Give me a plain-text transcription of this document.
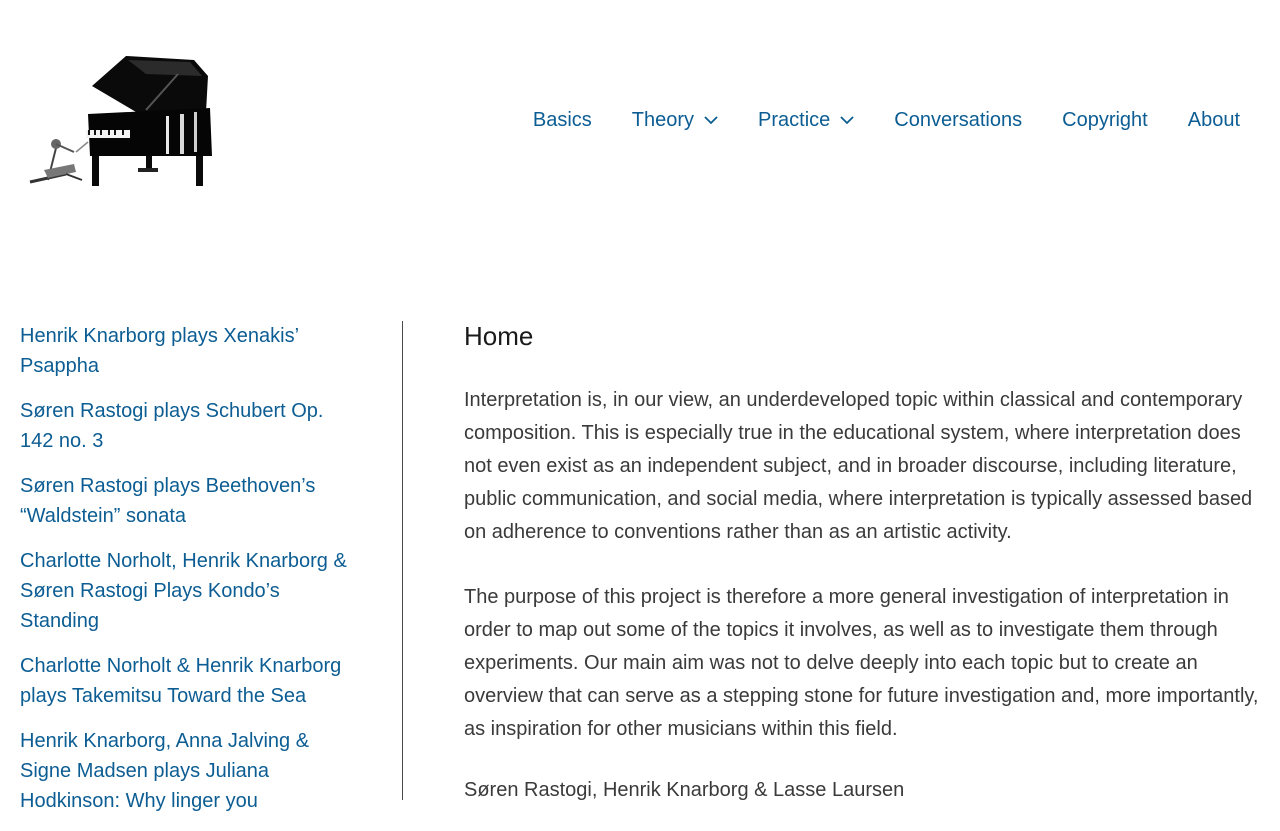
Basics Theory	Practice	Conversations Copyright About
Henrik Knarborg plays Xenakis’ Psappha
Søren Rastogi plays Schubert Op. 142 no. 3
Søren Rastogi plays Beethoven’s “Waldstein” sonata
Charlotte Norholt, Henrik Knarborg & Søren Rastogi Plays Kondo’s Standing
Charlotte Norholt & Henrik Knarborg plays Takemitsu Toward the Sea
Henrik Knarborg, Anna Jalving & Signe Madsen plays Juliana Hodkinson: Why linger you
Home

Interpretation is, in our view, an underdeveloped topic within classical and contemporary composition. This is especially true in the educational system, where interpretation does not even exist as an independent subject, and in broader discourse, including literature, public communication, and social media, where interpretation is typically assessed based on adherence to conventions rather than as an artistic activity.

The purpose of this project is therefore a more general investigation of interpretation in order to map out some of the topics it involves, as well as to investigate them through experiments. Our main aim was not to delve deeply into each topic but to create an overview that can serve as a stepping stone for future investigation and, more importantly, as inspiration for other musicians within this field.

Søren Rastogi, Henrik Knarborg & Lasse Laursen
